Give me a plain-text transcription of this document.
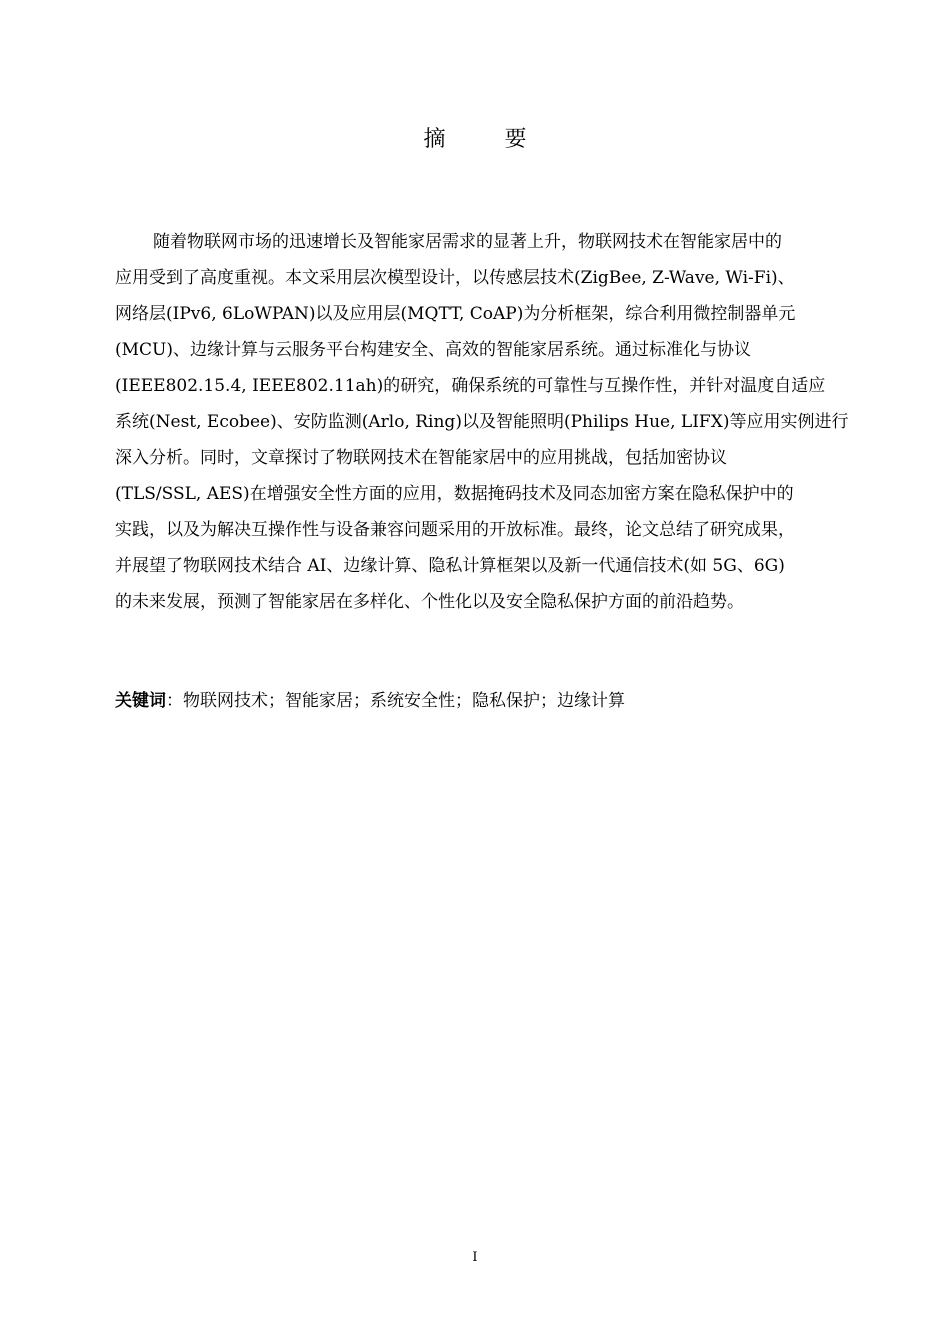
摘 要

随着物联网市场的迅速增长及智能家居需求的显著上升，物联网技术在智能家居中的
应用受到了高度重视。本文采用层次模型设计，以传感层技术(ZigBee, Z-Wave, Wi-Fi)、
网络层(IPv6, 6LoWPAN)以及应用层(MQTT, CoAP)为分析框架，综合利用微控制器单元
(MCU)、边缘计算与云服务平台构建安全、高效的智能家居系统。通过标准化与协议
(IEEE802.15.4, IEEE802.11ah)的研究，确保系统的可靠性与互操作性，并针对温度自适应
系统(Nest, Ecobee)、安防监测(Arlo, Ring)以及智能照明(Philips Hue, LIFX)等应用实例进行
深入分析。同时，文章探讨了物联网技术在智能家居中的应用挑战，包括加密协议
(TLS/SSL, AES)在增强安全性方面的应用，数据掩码技术及同态加密方案在隐私保护中的
实践，以及为解决互操作性与设备兼容问题采用的开放标准。最终，论文总结了研究成果，
并展望了物联网技术结合 AI、边缘计算、隐私计算框架以及新一代通信技术(如 5G、6G)
的未来发展，预测了智能家居在多样化、个性化以及安全隐私保护方面的前沿趋势。

关键词：物联网技术；智能家居；系统安全性；隐私保护；边缘计算

I
